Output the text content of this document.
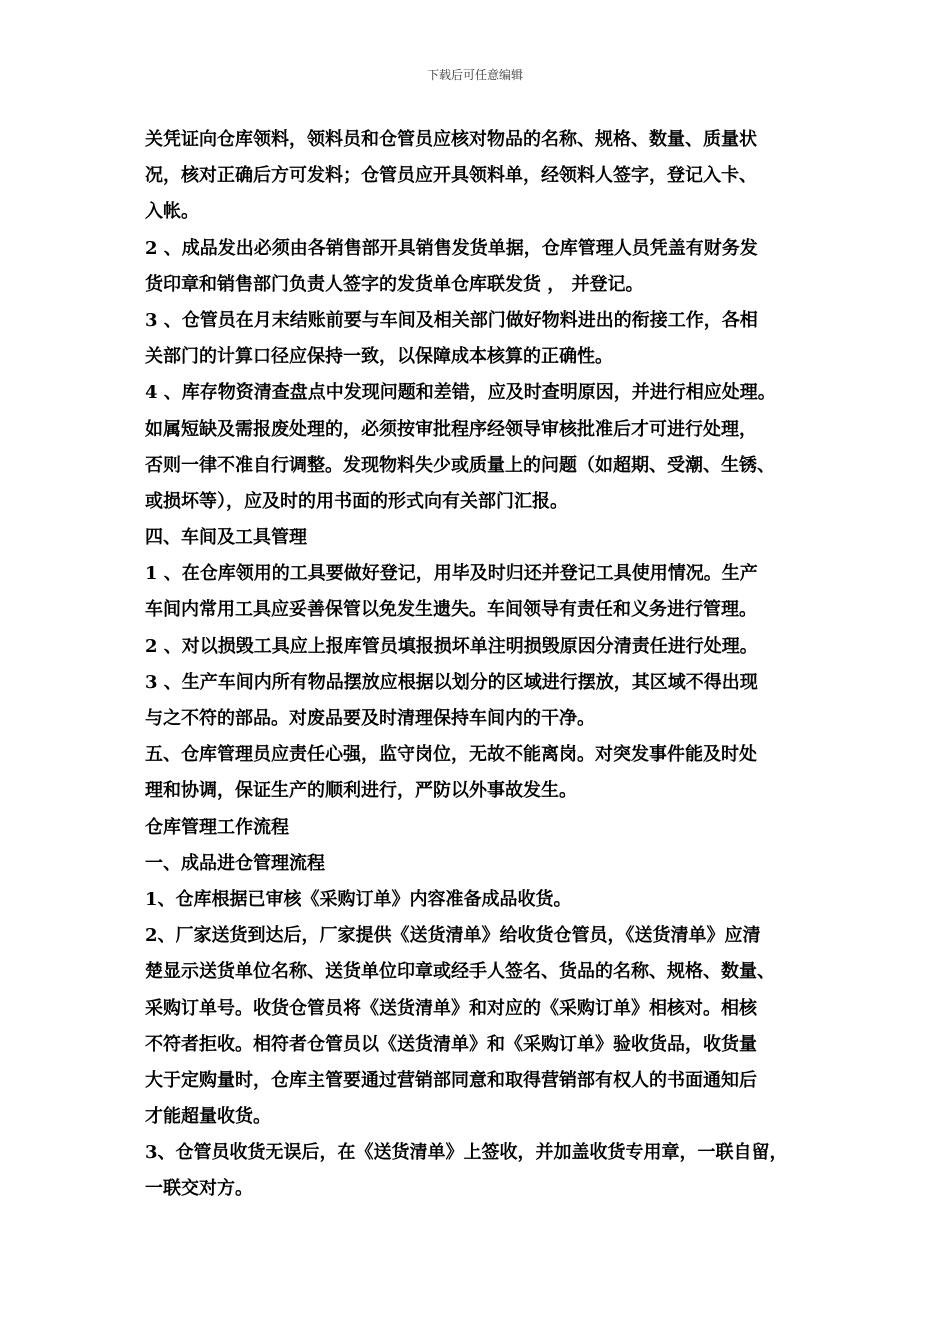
下载后可任意编辑
关凭证向仓库领料，领料员和仓管员应核对物品的名称、规格、数量、质量状
况，核对正确后方可发料；仓管员应开具领料单，经领料人签字，登记入卡、
入帐。
2 、成品发出必须由各销售部开具销售发货单据，仓库管理人员凭盖有财务发
货印章和销售部门负责人签字的发货单仓库联发货 ， 并登记。
3 、仓管员在月末结账前要与车间及相关部门做好物料进出的衔接工作，各相
关部门的计算口径应保持一致，以保障成本核算的正确性。
4 、库存物资清查盘点中发现问题和差错，应及时查明原因，并进行相应处理。
如属短缺及需报废处理的，必须按审批程序经领导审核批准后才可进行处理，
否则一律不准自行调整。发现物料失少或质量上的问题（如超期、受潮、生锈、
或损坏等），应及时的用书面的形式向有关部门汇报。
四、车间及工具管理
1 、在仓库领用的工具要做好登记，用毕及时归还并登记工具使用情况。生产
车间内常用工具应妥善保管以免发生遗失。车间领导有责任和义务进行管理。
2 、对以损毁工具应上报库管员填报损坏单注明损毁原因分清责任进行处理。
3 、生产车间内所有物品摆放应根据以划分的区域进行摆放，其区域不得出现
与之不符的部品。对废品要及时清理保持车间内的干净。
五、仓库管理员应责任心强，监守岗位，无故不能离岗。对突发事件能及时处
理和协调，保证生产的顺利进行，严防以外事故发生。
仓库管理工作流程
一、成品进仓管理流程
1、仓库根据已审核《采购订单》内容准备成品收货。
2、厂家送货到达后，厂家提供《送货清单》给收货仓管员，《送货清单》应清
楚显示送货单位名称、送货单位印章或经手人签名、货品的名称、规格、数量、
采购订单号。收货仓管员将《送货清单》和对应的《采购订单》相核对。相核
不符者拒收。相符者仓管员以《送货清单》和《采购订单》验收货品，收货量
大于定购量时，仓库主管要通过营销部同意和取得营销部有权人的书面通知后
才能超量收货。
3、仓管员收货无误后，在《送货清单》上签收，并加盖收货专用章，一联自留，
一联交对方。
